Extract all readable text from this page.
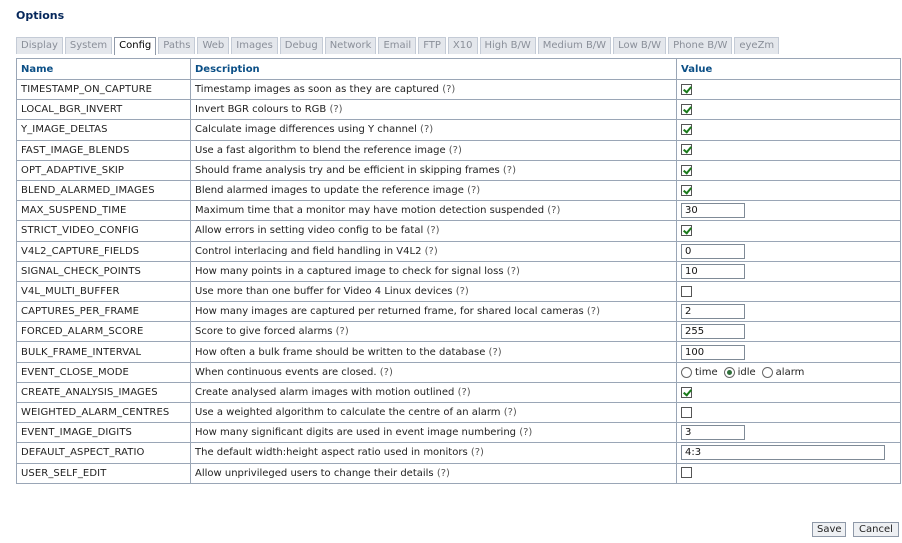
Options
Display	System	Config	Paths	Web	Images	Debug	Network	Email	FTP	X10	High B/W	Medium B/W	Low B/W	Phone B/W	eyeZm
Name	Description	Value
TIMESTAMP_ON_CAPTURE	Timestamp images as soon as they are captured (?)	
LOCAL_BGR_INVERT	Invert BGR colours to RGB (?)	
Y_IMAGE_DELTAS	Calculate image differences using Y channel (?)	
FAST_IMAGE_BLENDS	Use a fast algorithm to blend the reference image (?)	
OPT_ADAPTIVE_SKIP	Should frame analysis try and be efficient in skipping frames (?)	
BLEND_ALARMED_IMAGES	Blend alarmed images to update the reference image (?)	
MAX_SUSPEND_TIME	Maximum time that a monitor may have motion detection suspended (?)	30
STRICT_VIDEO_CONFIG	Allow errors in setting video config to be fatal (?)	
V4L2_CAPTURE_FIELDS	Control interlacing and field handling in V4L2 (?)	0
SIGNAL_CHECK_POINTS	How many points in a captured image to check for signal loss (?)	10
V4L_MULTI_BUFFER	Use more than one buffer for Video 4 Linux devices (?)	
CAPTURES_PER_FRAME	How many images are captured per returned frame, for shared local cameras (?)	2
FORCED_ALARM_SCORE	Score to give forced alarms (?)	255
BULK_FRAME_INTERVAL	How often a bulk frame should be written to the database (?)	100
EVENT_CLOSE_MODE	When continuous events are closed. (?)	time idle alarm

CREATE_ANALYSIS_IMAGES	Create analysed alarm images with motion outlined (?)	
WEIGHTED_ALARM_CENTRES	Use a weighted algorithm to calculate the centre of an alarm (?)	
EVENT_IMAGE_DIGITS	How many significant digits are used in event image numbering (?)	3
DEFAULT_ASPECT_RATIO	The default width:height aspect ratio used in monitors (?)	4:3
USER_SELF_EDIT	Allow unprivileged users to change their details (?)	
Save	Cancel
